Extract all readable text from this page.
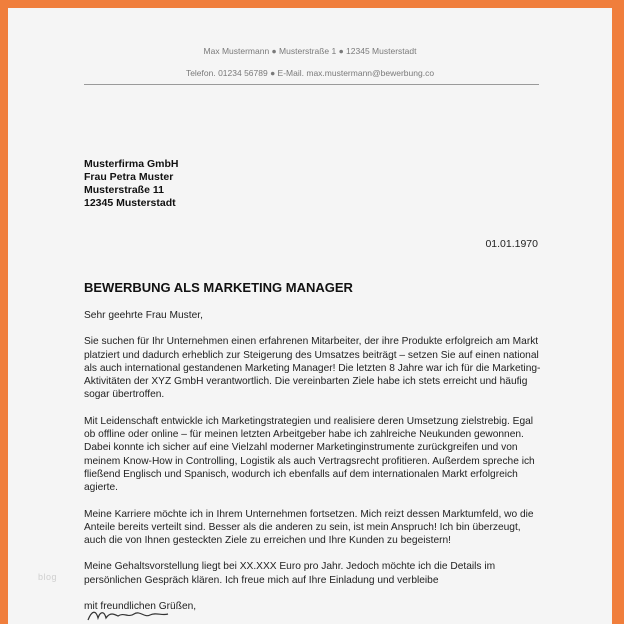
Max Mustermann ● Musterstraße 1 ● 12345 Musterstadt
Telefon. 01234 56789 ● E-Mail. max.mustermann@bewerbung.co
Musterfirma GmbH
Frau Petra Muster
Musterstraße 11
12345 Musterstadt
01.01.1970
BEWERBUNG ALS MARKETING MANAGER

Sehr geehrte Frau Muster,

Sie suchen für Ihr Unternehmen einen erfahrenen Mitarbeiter, der ihre Produkte erfolgreich am Markt platziert und dadurch erheblich zur Steigerung des Umsatzes beiträgt – setzen Sie auf einen national als auch international gestandenen Marketing Manager! Die letzten 8 Jahre war ich für die Marketing-Aktivitäten der XYZ GmbH verantwortlich. Die vereinbarten Ziele habe ich stets erreicht und häufig sogar übertroffen.

Mit Leidenschaft entwickle ich Marketingstrategien und realisiere deren Umsetzung zielstrebig. Egal ob offline oder online – für meinen letzten Arbeitgeber habe ich zahlreiche Neukunden gewonnen. Dabei konnte ich sicher auf eine Vielzahl moderner Marketinginstrumente zurückgreifen und von meinem Know-How in Controlling, Logistik als auch Vertragsrecht profitieren. Außerdem spreche ich fließend Englisch und Spanisch, wodurch ich ebenfalls auf dem internationalen Markt erfolgreich agierte.

Meine Karriere möchte ich in Ihrem Unternehmen fortsetzen. Mich reizt dessen Marktumfeld, wo die Anteile bereits verteilt sind. Besser als die anderen zu sein, ist mein Anspruch! Ich bin überzeugt, auch die von Ihnen gesteckten Ziele zu erreichen und Ihre Kunden zu begeistern!

Meine Gehaltsvorstellung liegt bei XX.XXX Euro pro Jahr. Jedoch möchte ich die Details im persönlichen Gespräch klären. Ich freue mich auf Ihre Einladung und verbleibe

mit freundlichen Grüßen,

blog
